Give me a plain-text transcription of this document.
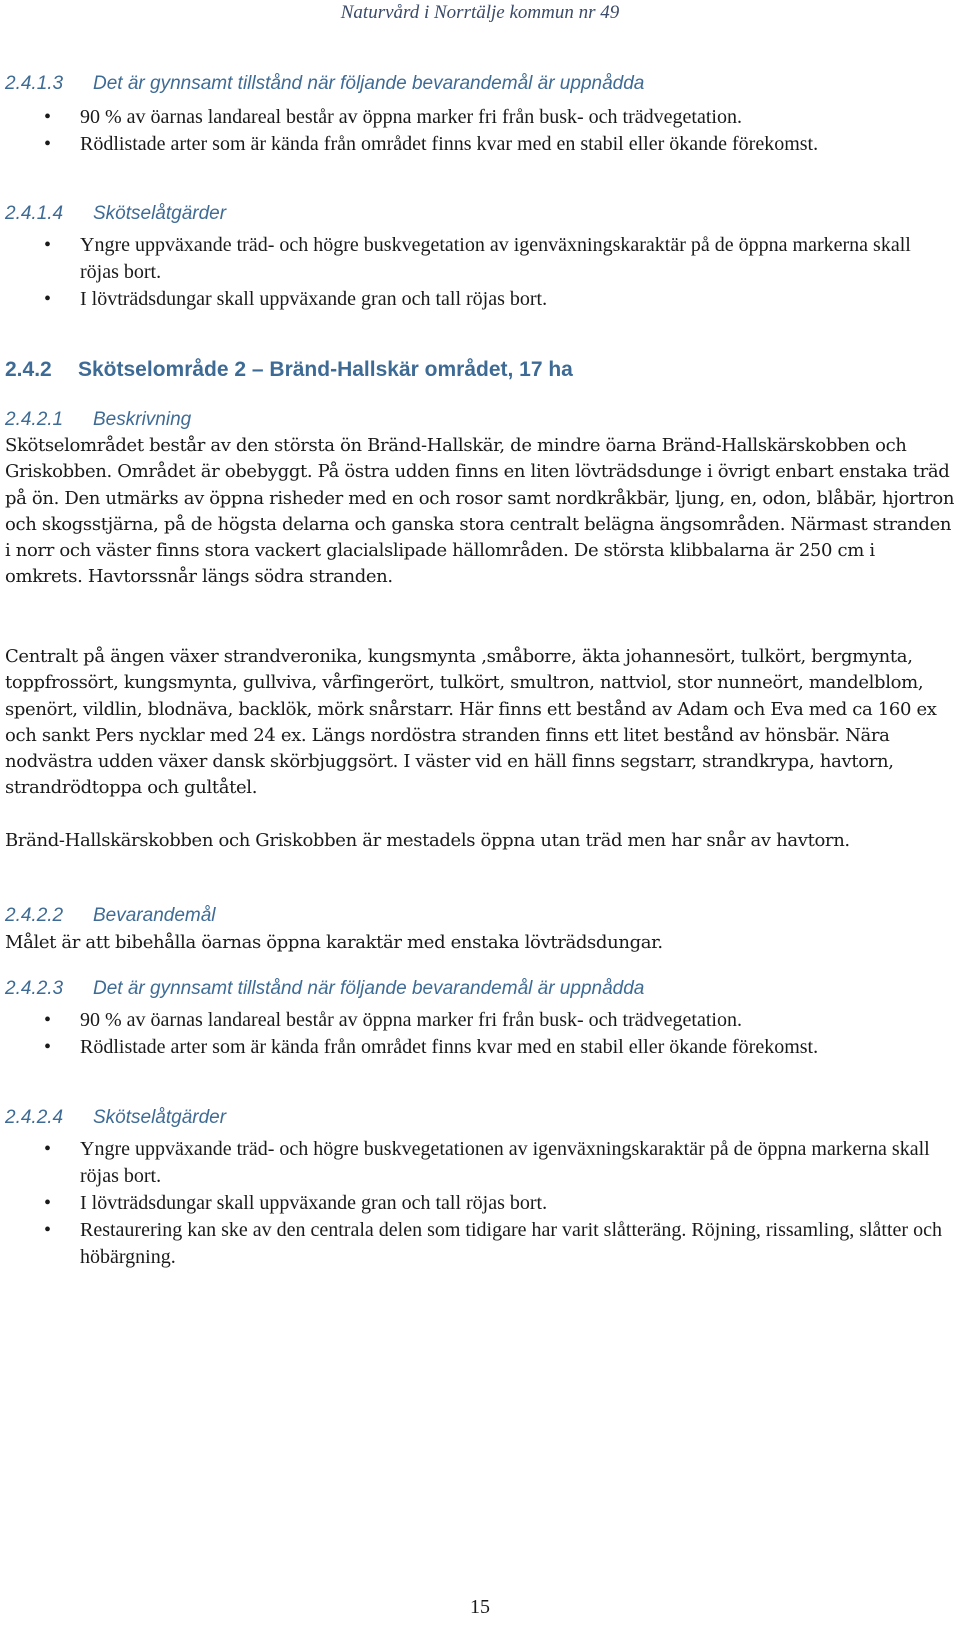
Naturvård i Norrtälje kommun nr 49
2.4.1.3 Det är gynnsamt tillstånd när följande bevarandemål är uppnådda
• 90 % av öarnas landareal består av öppna marker fri från busk- och trädvegetation.
• Rödlistade arter som är kända från området finns kvar med en stabil eller ökande förekomst.
2.4.1.4 Skötselåtgärder
• Yngre uppväxande träd- och högre buskvegetation av igenväxningskaraktär på de öppna markerna skall röjas bort.
• I lövträdsdungar skall uppväxande gran och tall röjas bort.
2.4.2 Skötselområde 2 – Bränd-Hallskär området, 17 ha
2.4.2.1 Beskrivning

Skötselområdet består av den största ön Bränd-Hallskär, de mindre öarna Bränd-Hallskärskobben och Griskobben. Området är obebyggt. På östra udden finns en liten lövträdsdunge i övrigt enbart enstaka träd på ön. Den utmärks av öppna risheder med en och rosor samt nordkråkbär, ljung, en, odon, blåbär, hjortron och skogsstjärna, på de högsta delarna och ganska stora centralt belägna ängsområden. Närmast stranden i norr och väster finns stora vackert glacialslipade hällområden. De största klibbalarna är 250 cm i omkrets. Havtorssnår längs södra stranden.

Centralt på ängen växer strandveronika, kungsmynta ,småborre, äkta johannesört, tulkört, bergmynta, toppfrossört, kungsmynta, gullviva, vårfingerört, tulkört, smultron, nattviol, stor nunneört, mandelblom, spenört, vildlin, blodnäva, backlök, mörk snårstarr. Här finns ett bestånd av Adam och Eva med ca 160 ex och sankt Pers nycklar med 24 ex. Längs nordöstra stranden finns ett litet bestånd av hönsbär. Nära nodvästra udden växer dansk skörbjuggsört. I väster vid en häll finns segstarr, strandkrypa, havtorn, strandrödtoppa och gultåtel.

Bränd-Hallskärskobben och Griskobben är mestadels öppna utan träd men har snår av havtorn.

2.4.2.2 Bevarandemål

Målet är att bibehålla öarnas öppna karaktär med enstaka lövträdsdungar.

2.4.2.3 Det är gynnsamt tillstånd när följande bevarandemål är uppnådda
• 90 % av öarnas landareal består av öppna marker fri från busk- och trädvegetation.
• Rödlistade arter som är kända från området finns kvar med en stabil eller ökande förekomst.
2.4.2.4 Skötselåtgärder
• Yngre uppväxande träd- och högre buskvegetationen av igenväxningskaraktär på de öppna markerna skall röjas bort.
• I lövträdsdungar skall uppväxande gran och tall röjas bort.
• Restaurering kan ske av den centrala delen som tidigare har varit slåtteräng. Röjning, rissamling, slåtter och höbärgning.
15
